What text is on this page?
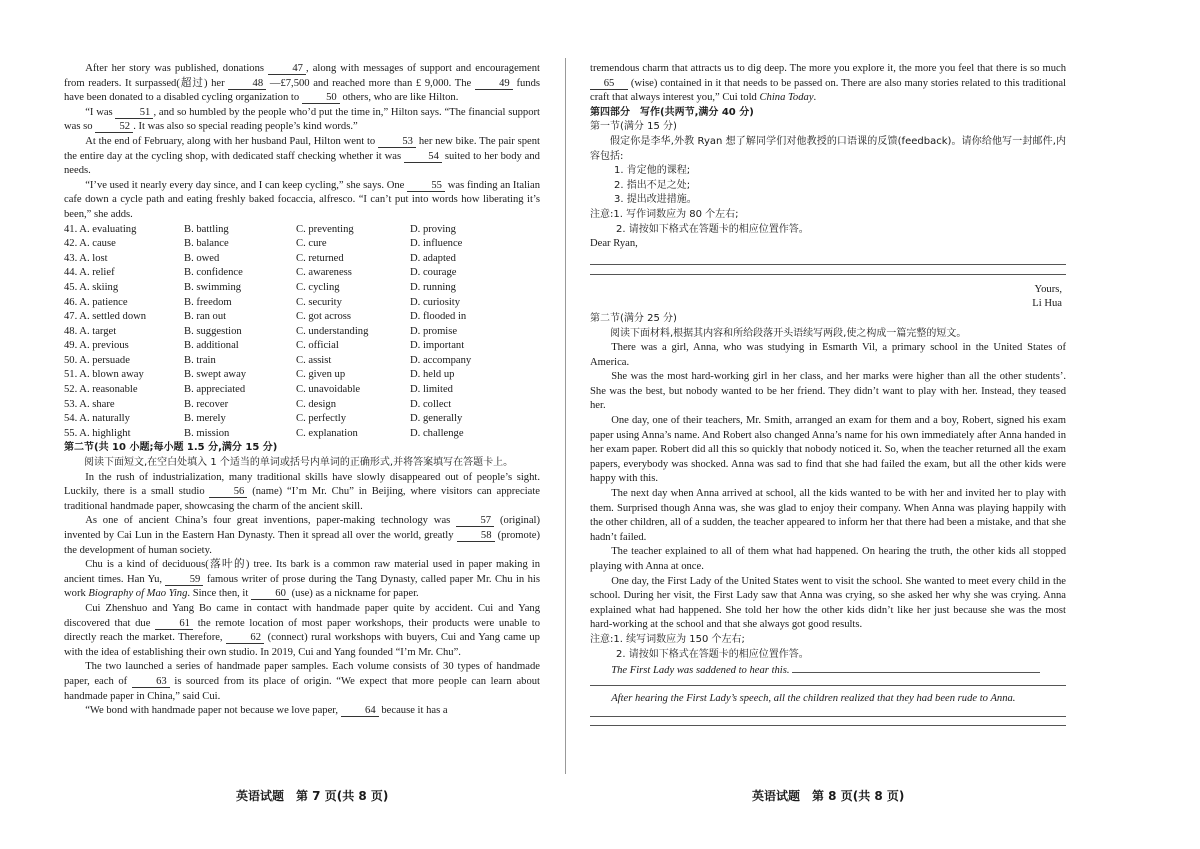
After her story was published, donations 47 , along with messages of support and encouragement from readers. It surpassed(超过) her 48 —£7,500 and reached more than £ 9,000. The 49 funds have been donated to a disabled cycling organization to 50 others, who are like Hilton.

“I was 51 , and so humbled by the people who’d put the time in,” Hilton says. “The financial support was so 52 . It was also so special reading people’s kind words.”

At the end of February, along with her husband Paul, Hilton went to 53 her new bike. The pair spent the entire day at the cycling shop, with dedicated staff checking whether it was 54 suited to her body and needs.

“I’ve used it nearly every day since, and I can keep cycling,” she says. One 55 was finding an Italian cafe down a cycle path and eating freshly baked focaccia, alfresco. “I can’t put into words how liberating it’s been,” she adds.

41. A. evaluating	B. battling	C. preventing	D. proving
42. A. cause	B. balance	C. cure	D. influence
43. A. lost	B. owed	C. returned	D. adapted
44. A. relief	B. confidence	C. awareness	D. courage
45. A. skiing	B. swimming	C. cycling	D. running
46. A. patience	B. freedom	C. security	D. curiosity
47. A. settled down	B. ran out	C. got across	D. flooded in
48. A. target	B. suggestion	C. understanding	D. promise
49. A. previous	B. additional	C. official	D. important
50. A. persuade	B. train	C. assist	D. accompany
51. A. blown away	B. swept away	C. given up	D. held up
52. A. reasonable	B. appreciated	C. unavoidable	D. limited
53. A. share	B. recover	C. design	D. collect
54. A. naturally	B. merely	C. perfectly	D. generally
55. A. highlight	B. mission	C. explanation	D. challenge

第二节(共 10 小题;每小题 1.5 分,满分 15 分)

阅读下面短文,在空白处填入 1 个适当的单词或括号内单词的正确形式,并将答案填写在答题卡上。

In the rush of industrialization, many traditional skills have slowly disappeared out of people’s sight. Luckily, there is a small studio 56 (name) “I’m Mr. Chu” in Beijing, where visitors can appreciate traditional handmade paper, showcasing the charm of the ancient skill.

As one of ancient China’s four great inventions, paper-making technology was 57 (original) invented by Cai Lun in the Eastern Han Dynasty. Then it spread all over the world, greatly 58 (promote) the development of human society.

Chu is a kind of deciduous(落叶的) tree. Its bark is a common raw material used in paper making in ancient times. Han Yu, 59 famous writer of prose during the Tang Dynasty, called paper Mr. Chu in his work Biography of Mao Ying. Since then, it 60 (use) as a nickname for paper.

Cui Zhenshuo and Yang Bo came in contact with handmade paper quite by accident. Cui and Yang discovered that due 61 the remote location of most paper workshops, their products were unable to directly reach the market. Therefore, 62 (connect) rural workshops with buyers, Cui and Yang came up with the idea of establishing their own studio. In 2019, Cui and Yang founded “I’m Mr. Chu”.

The two launched a series of handmade paper samples. Each volume consists of 30 types of handmade paper, each of 63 is sourced from its place of origin. “We expect that more people can learn about handmade paper in China,” said Cui.

“We bond with handmade paper not because we love paper, 64 because it has a

tremendous charm that attracts us to dig deep. The more you explore it, the more you feel that there is so much 65 (wise) contained in it that needs to be passed on. There are also many stories related to this traditional craft that always interest you,” Cui told China Today.

第四部分　写作(共两节,满分 40 分)

第一节(满分 15 分)

假定你是李华,外教 Ryan 想了解同学们对他教授的口语课的反馈(feedback)。请你给他写一封邮件,内容包括:

1. 肯定他的课程;

2. 指出不足之处;

3. 提出改进措施。

注意:1. 写作词数应为 80 个左右;

2. 请按如下格式在答题卡的相应位置作答。

Dear Ryan,

Yours,

Li Hua

第二节(满分 25 分)

阅读下面材料,根据其内容和所给段落开头语续写两段,使之构成一篇完整的短文。

There was a girl, Anna, who was studying in Esmarth Vil, a primary school in the United States of America.

She was the most hard-working girl in her class, and her marks were higher than all the other students’. She was the best, but nobody wanted to be her friend. They didn’t want to play with her. Instead, they teased her.

One day, one of their teachers, Mr. Smith, arranged an exam for them and a boy, Robert, signed his exam paper using Anna’s name. And Robert also changed Anna’s name for his own immediately after Anna handed in her exam paper. Robert did all this so quickly that nobody noticed it. So, when the teacher returned all the exam papers, everybody was shocked. Anna was sad to find that she had failed the exam, but all the other kids were happy with this.

The next day when Anna arrived at school, all the kids wanted to be with her and invited her to play with them. Surprised though Anna was, she was glad to enjoy their company. When Anna was playing happily with the other children, all of a sudden, the teacher appeared to inform her that there had been a mistake, and that she hadn’t failed.

The teacher explained to all of them what had happened. On hearing the truth, the other kids all stopped playing with Anna at once.

One day, the First Lady of the United States went to visit the school. She wanted to meet every child in the school. During her visit, the First Lady saw that Anna was crying, so she asked her why she was crying. Anna explained what had happened. She told her how the other kids didn’t like her just because she was the most hard-working at the school and that she always got good results.

注意:1. 续写词数应为 150 个左右;

2. 请按如下格式在答题卡的相应位置作答。

The First Lady was saddened to hear this.

After hearing the First Lady’s speech, all the children realized that they had been rude to Anna.

英语试题　第 7 页(共 8 页)	英语试题　第 8 页(共 8 页)
